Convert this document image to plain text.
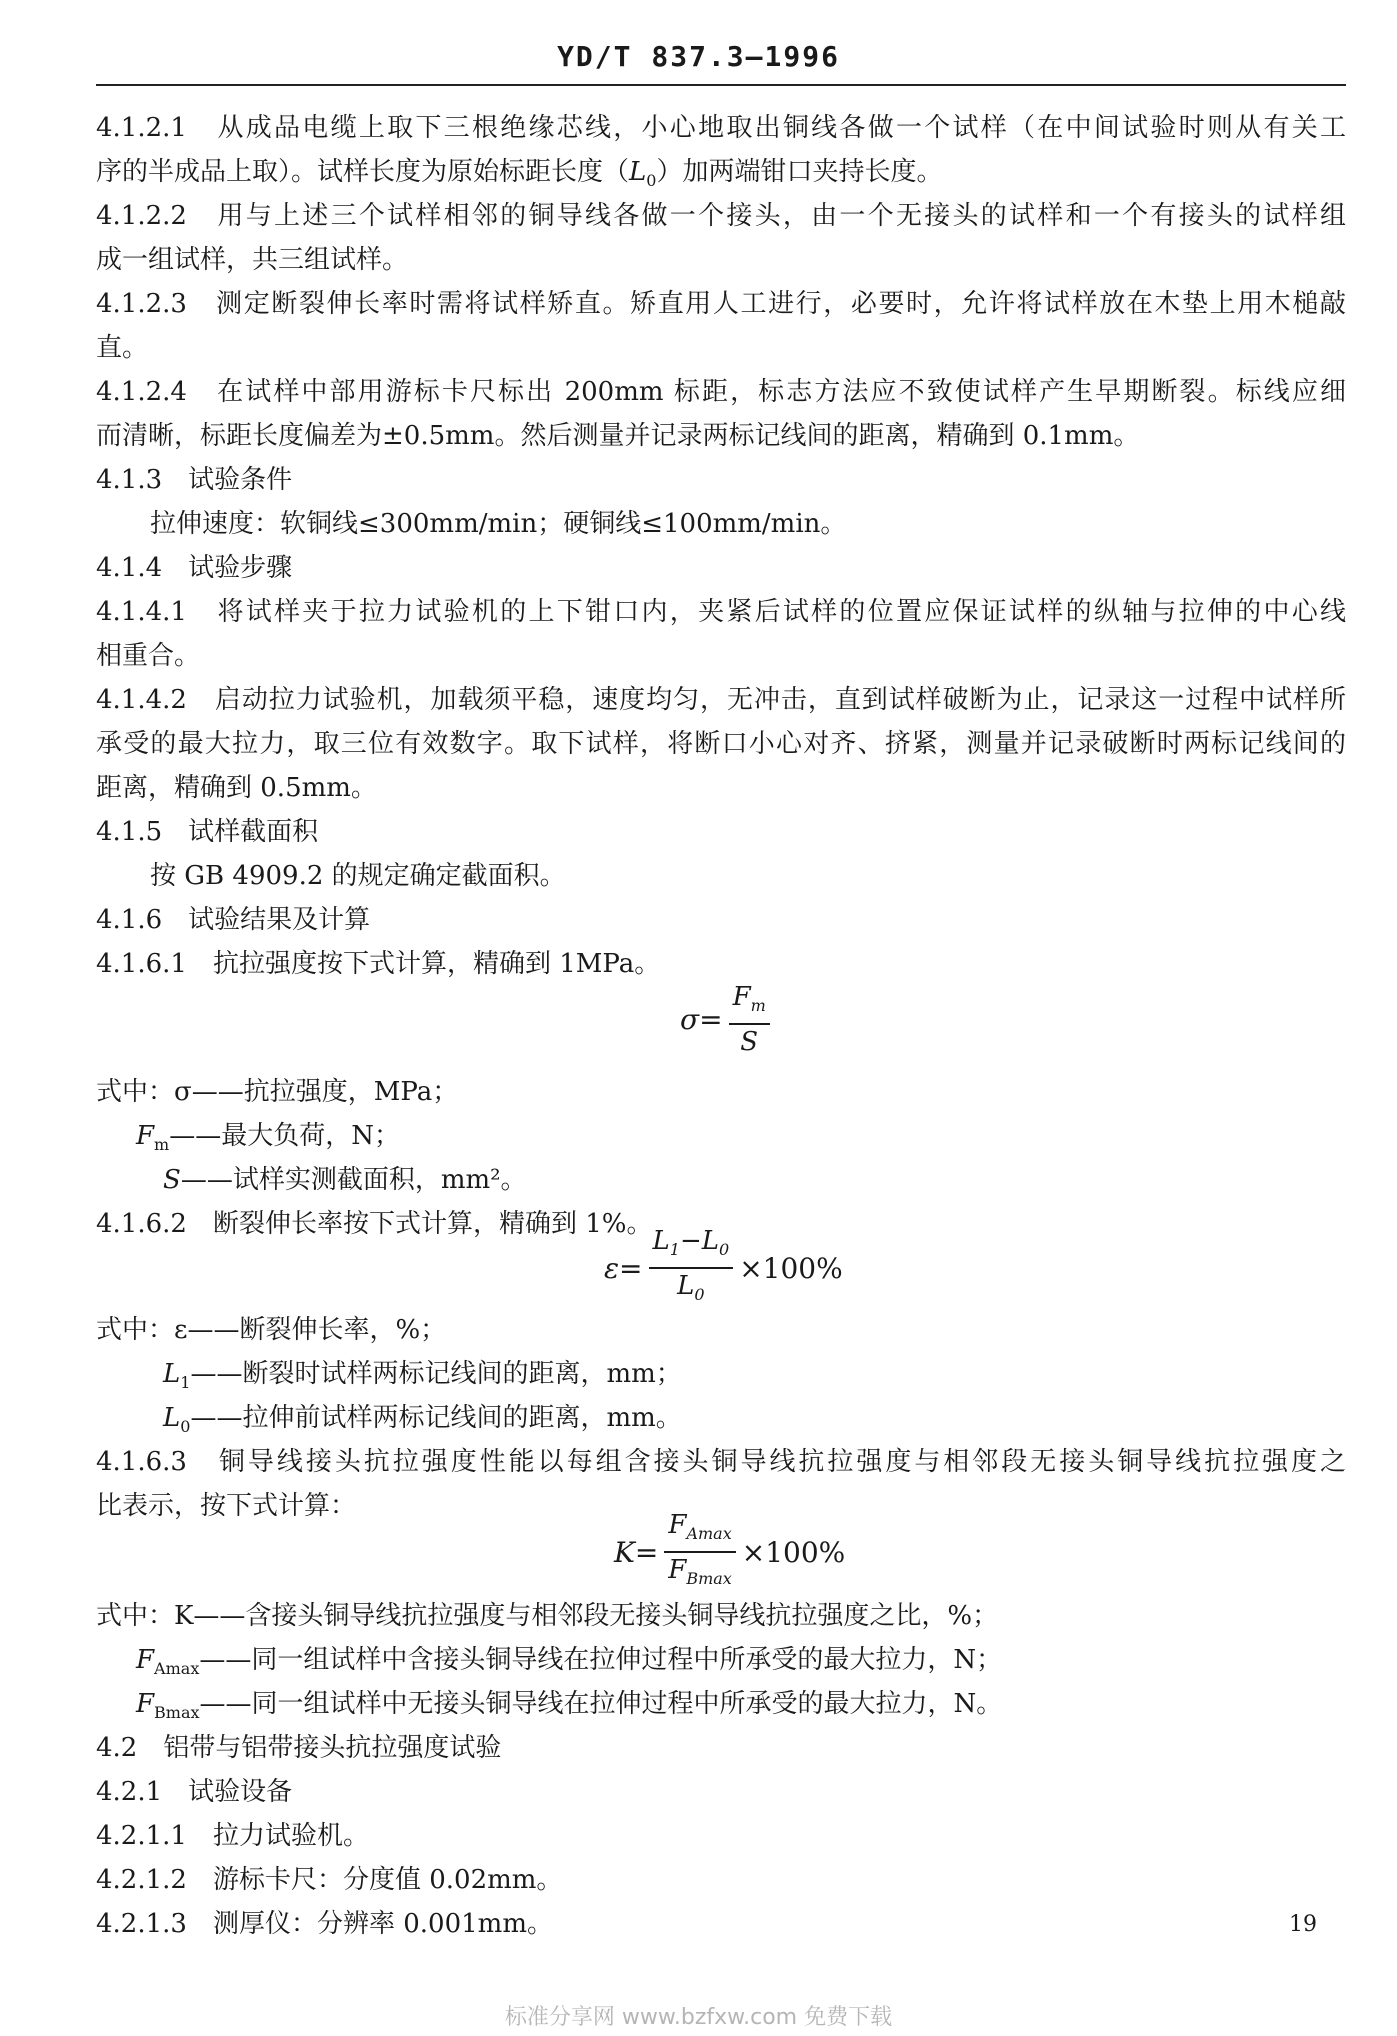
YD/T 837.3—1996
4.1.2.1　从成品电缆上取下三根绝缘芯线，小心地取出铜线各做一个试样（在中间试验时则从有关工
序的半成品上取）。试样长度为原始标距长度$(L_0)$加两端钳口夹持长度。
4.1.2.2　用与上述三个试样相邻的铜导线各做一个接头，由一个无接头的试样和一个有接头的试样组
成一组试样，共三组试样。
4.1.2.3　测定断裂伸长率时需将试样矫直。矫直用人工进行，必要时，允许将试样放在木垫上用木槌敲
直。
4.1.2.4　在试样中部用游标卡尺标出 200mm 标距，标志方法应不致使试样产生早期断裂。标线应细
而清晰，标距长度偏差为±0.5mm。然后测量并记录两标记线间的距离，精确到 0.1mm。
4.1.3　试验条件
拉伸速度：软铜线≤300mm/min；硬铜线≤100mm/min。
4.1.4　试验步骤
4.1.4.1　将试样夹于拉力试验机的上下钳口内，夹紧后试样的位置应保证试样的纵轴与拉伸的中心线
相重合。
4.1.4.2　启动拉力试验机，加载须平稳，速度均匀，无冲击，直到试样破断为止，记录这一过程中试样所
承受的最大拉力，取三位有效数字。取下试样，将断口小心对齐、挤紧，测量并记录破断时两标记线间的
距离，精确到 0.5mm。
4.1.5　试样截面积
按 GB 4909.2 的规定确定截面积。
4.1.6　试验结果及计算
4.1.6.1　抗拉强度按下式计算，精确到 1MPa。
$\sigma = \frac{F_m}{S}$
式中：σ——抗拉强度，MPa；
$F_m——$最大负荷，N；
S——试样实测截面积，mm²。
4.1.6.2　断裂伸长率按下式计算，精确到 1%。
$\varepsilon = \frac{L_1-L_0}{L_0} \times 100\%$
式中：ε——断裂伸长率，%；
$L_1——$断裂时试样两标记线间的距离，mm；
$L_0——$拉伸前试样两标记线间的距离，mm。
4.1.6.3　铜导线接头抗拉强度性能以每组含接头铜导线抗拉强度与相邻段无接头铜导线抗拉强度之
比表示，按下式计算：
$K = \frac{F_{Amax}}{F_{Bmax}} \times 100\%$
式中：K——含接头铜导线抗拉强度与相邻段无接头铜导线抗拉强度之比，%；
$F_{Amax}——$同一组试样中含接头铜导线在拉伸过程中所承受的最大拉力，N；
$F_{Bmax}——$同一组试样中无接头铜导线在拉伸过程中所承受的最大拉力，N。
4.2　铝带与铝带接头抗拉强度试验
4.2.1　试验设备
4.2.1.1　拉力试验机。
4.2.1.2　游标卡尺：分度值 0.02mm。
4.2.1.3　测厚仪：分辨率 0.001mm。	19
标准分享网 www.bzfxw.com 免费下载
